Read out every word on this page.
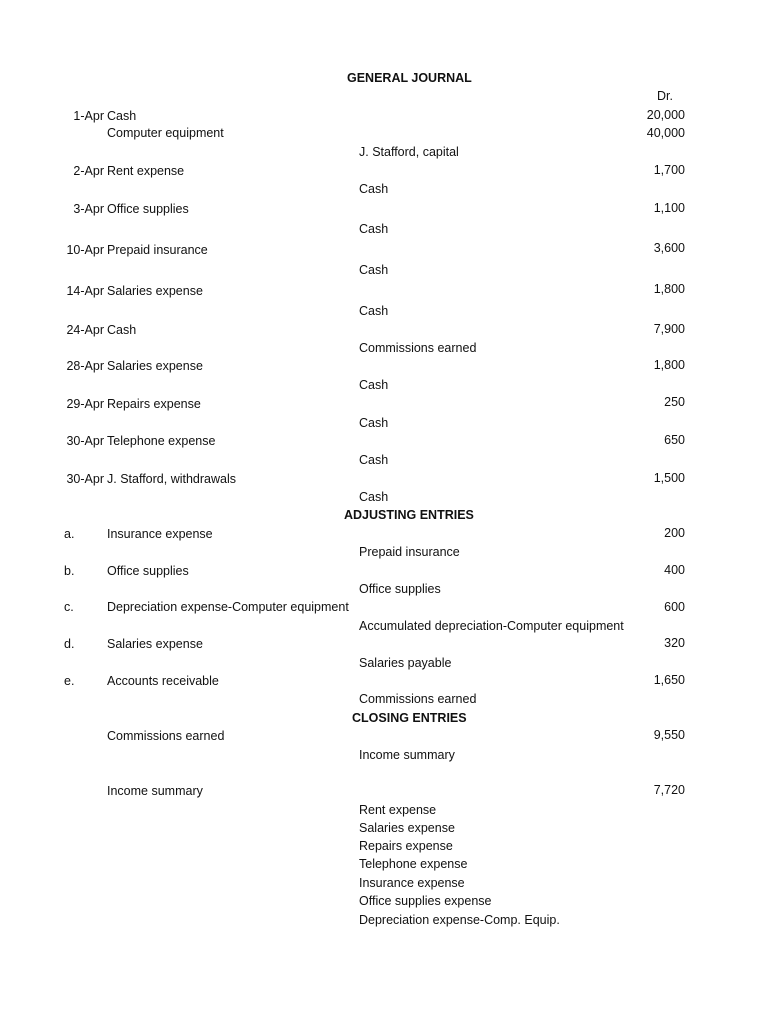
GENERAL JOURNAL
Dr.
1-Apr Cash	20,000
Computer equipment	40,000
J. Stafford, capital
2-Apr Rent expense	1,700
Cash
3-Apr Office supplies	1,100
Cash
10-Apr Prepaid insurance	3,600
Cash
14-Apr Salaries expense	1,800
Cash
24-Apr Cash	7,900
Commissions earned
28-Apr Salaries expense	1,800
Cash
29-Apr Repairs expense	250
Cash
30-Apr Telephone expense	650
Cash
30-Apr J. Stafford, withdrawals	1,500
Cash
ADJUSTING ENTRIES
a.	Insurance expense	200
Prepaid insurance
b.	Office supplies	400
Office supplies
c.	Depreciation expense-Computer equipment	600
Accumulated depreciation-Computer equipment
d.	Salaries expense	320
Salaries payable
e.	Accounts receivable	1,650
Commissions earned
CLOSING ENTRIES
Commissions earned	9,550
Income summary
Income summary	7,720
Rent expense
Salaries expense
Repairs expense
Telephone expense
Insurance expense
Office supplies expense
Depreciation expense-Comp. Equip.
